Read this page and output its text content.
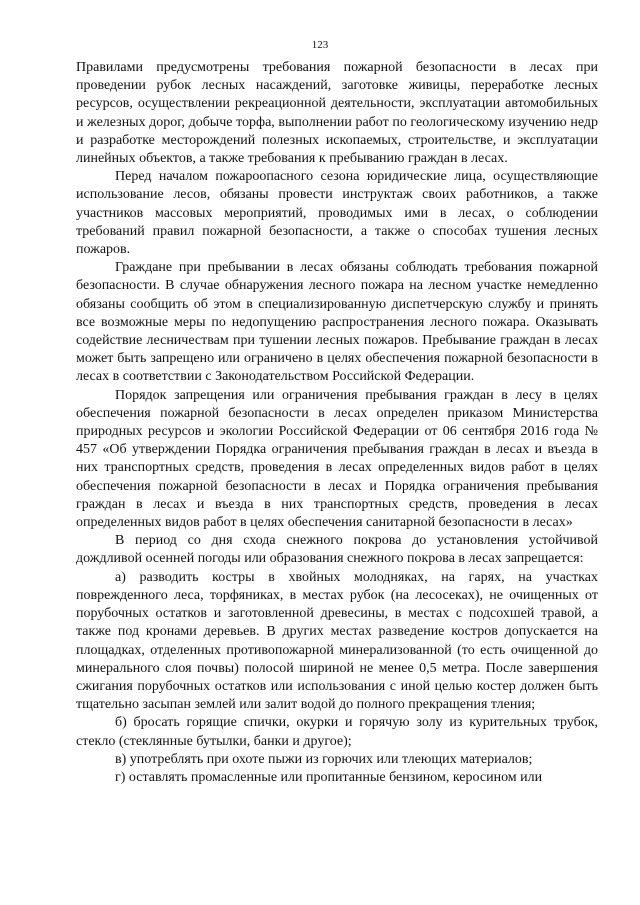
123

Правилами предусмотрены требования пожарной безопасности в лесах при проведении рубок лесных насаждений, заготовке живицы, переработке лесных ресурсов, осуществлении рекреационной деятельности, эксплуатации автомобильных и железных дорог, добыче торфа, выполнении работ по геологическому изучению недр и разработке месторождений полезных ископаемых, строительстве, и эксплуатации линейных объектов, а также требования к пребыванию граждан в лесах.

Перед началом пожароопасного сезона юридические лица, осуществляющие использование лесов, обязаны провести инструктаж своих работников, а также участников массовых мероприятий, проводимых ими в лесах, о соблюдении требований правил пожарной безопасности, а также о способах тушения лесных пожаров.

Граждане при пребывании в лесах обязаны соблюдать требования пожарной безопасности. В случае обнаружения лесного пожара на лесном участке немедленно обязаны сообщить об этом в специализированную диспетчерскую службу и принять все возможные меры по недопущению распространения лесного пожара. Оказывать содействие лесничествам при тушении лесных пожаров. Пребывание граждан в лесах может быть запрещено или ограничено в целях обеспечения пожарной безопасности в лесах в соответствии с Законодательством Российской Федерации.

Порядок запрещения или ограничения пребывания граждан в лесу в целях обеспечения пожарной безопасности в лесах определен приказом Министерства природных ресурсов и экологии Российской Федерации от 06 сентября 2016 года № 457 «Об утверждении Порядка ограничения пребывания граждан в лесах и въезда в них транспортных средств, проведения в лесах определенных видов работ в целях обеспечения пожарной безопасности в лесах и Порядка ограничения пребывания граждан в лесах и въезда в них транспортных средств, проведения в лесах определенных видов работ в целях обеспечения санитарной безопасности в лесах»

В период со дня схода снежного покрова до установления устойчивой дождливой осенней погоды или образования снежного покрова в лесах запрещается:

а) разводить костры в хвойных молодняках, на гарях, на участках поврежденного леса, торфяниках, в местах рубок (на лесосеках), не очищенных от порубочных остатков и заготовленной древесины, в местах с подсохшей травой, а также под кронами деревьев. В других местах разведение костров допускается на площадках, отделенных противопожарной минерализованной (то есть очищенной до минерального слоя почвы) полосой шириной не менее 0,5 метра. После завершения сжигания порубочных остатков или использования с иной целью костер должен быть тщательно засыпан землей или залит водой до полного прекращения тления;

б) бросать горящие спички, окурки и горячую золу из курительных трубок, стекло (стеклянные бутылки, банки и другое);

в) употреблять при охоте пыжи из горючих или тлеющих материалов;

г) оставлять промасленные или пропитанные бензином, керосином или
